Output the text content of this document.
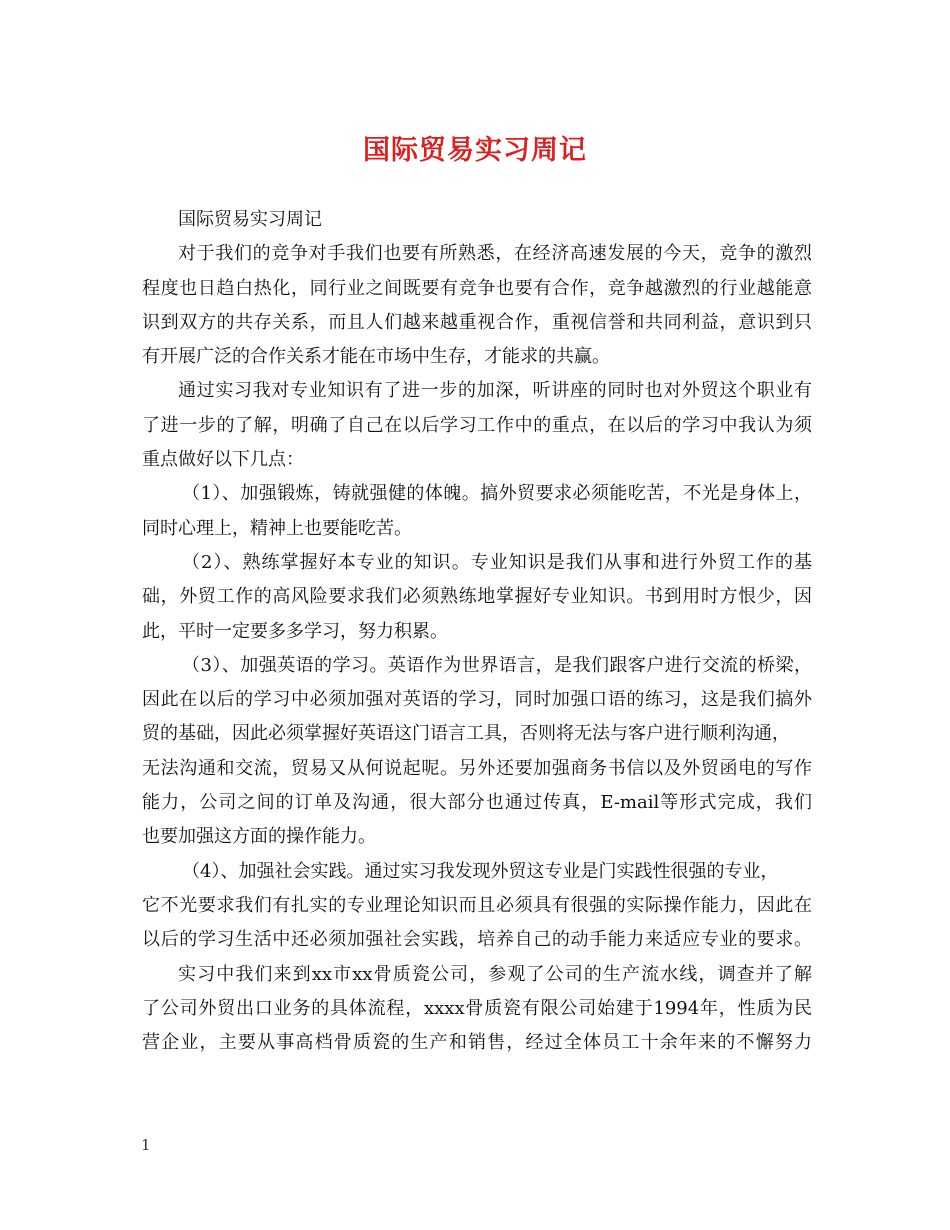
国际贸易实习周记
国际贸易实习周记
对于我们的竞争对手我们也要有所熟悉，在经济高速发展的今天，竞争的激烈
程度也日趋白热化，同行业之间既要有竞争也要有合作，竞争越激烈的行业越能意
识到双方的共存关系，而且人们越来越重视合作，重视信誉和共同利益，意识到只
有开展广泛的合作关系才能在市场中生存，才能求的共赢。
通过实习我对专业知识有了进一步的加深，听讲座的同时也对外贸这个职业有
了进一步的了解，明确了自己在以后学习工作中的重点，在以后的学习中我认为须
重点做好以下几点：
（1）、加强锻炼，铸就强健的体魄。搞外贸要求必须能吃苦，不光是身体上，
同时心理上，精神上也要能吃苦。
（2）、熟练掌握好本专业的知识。专业知识是我们从事和进行外贸工作的基
础，外贸工作的高风险要求我们必须熟练地掌握好专业知识。书到用时方恨少，因
此，平时一定要多多学习，努力积累。
（3）、加强英语的学习。英语作为世界语言，是我们跟客户进行交流的桥梁，
因此在以后的学习中必须加强对英语的学习，同时加强口语的练习，这是我们搞外
贸的基础，因此必须掌握好英语这门语言工具，否则将无法与客户进行顺利沟通，
无法沟通和交流，贸易又从何说起呢。另外还要加强商务书信以及外贸函电的写作
能力，公司之间的订单及沟通，很大部分也通过传真，E-mail等形式完成，我们
也要加强这方面的操作能力。
（4）、加强社会实践。通过实习我发现外贸这专业是门实践性很强的专业，
它不光要求我们有扎实的专业理论知识而且必须具有很强的实际操作能力，因此在
以后的学习生活中还必须加强社会实践，培养自己的动手能力来适应专业的要求。
实习中我们来到xx市xx骨质瓷公司，参观了公司的生产流水线，调查并了解
了公司外贸出口业务的具体流程，xxxx骨质瓷有限公司始建于1994年，性质为民
营企业，主要从事高档骨质瓷的生产和销售，经过全体员工十余年来的不懈努力
1
